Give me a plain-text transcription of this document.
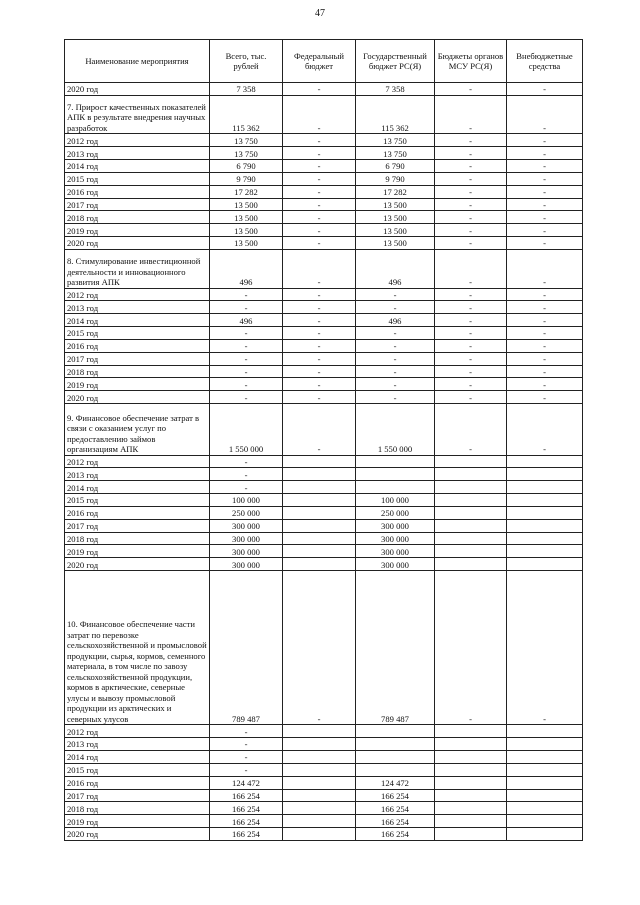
47
Наименование мероприятия	Всего, тыс. рублей	Федеральный бюджет	Государственный бюджет РС(Я)	Бюджеты органов МСУ РС(Я)	Внебюджетные средства
2020 год	7 358	-	7 358	-	-
7. Прирост качественных показателей АПК в результате внедрения научных разработок	115 362	-	115 362	-	-
2012 год	13 750	-	13 750	-	-
2013 год	13 750	-	13 750	-	-
2014 год	6 790	-	6 790	-	-
2015 год	9 790	-	9 790	-	-
2016 год	17 282	-	17 282	-	-
2017 год	13 500	-	13 500	-	-
2018 год	13 500	-	13 500	-	-
2019 год	13 500	-	13 500	-	-
2020 год	13 500	-	13 500	-	-
8. Стимулирование инвестиционной деятельности и инновационного развития АПК	496	-	496	-	-
2012 год	-	-	-	-	-
2013 год	-	-	-	-	-
2014 год	496	-	496	-	-
2015 год	-	-	-	-	-
2016 год	-	-	-	-	-
2017 год	-	-	-	-	-
2018 год	-	-	-	-	-
2019 год	-	-	-	-	-
2020 год	-	-	-	-	-
9. Финансовое обеспечение затрат в связи с оказанием услуг по предоставлению займов организациям АПК	1 550 000	-	1 550 000	-	-
2012 год	-				
2013 год	-				
2014 год	-				
2015 год	100 000		100 000		
2016 год	250 000		250 000		
2017 год	300 000		300 000		
2018 год	300 000		300 000		
2019 год	300 000		300 000		
2020 год	300 000		300 000		
10. Финансовое обеспечение части затрат по перевозке сельскохозяйственной и промысловой продукции, сырья, кормов, семенного материала, в том числе по завозу сельскохозяйственной продукции, кормов в арктические, северные улусы и вывозу промысловой продукции из арктических и северных улусов	789 487	-	789 487	-	-
2012 год	-				
2013 год	-				
2014 год	-				
2015 год	-				
2016 год	124 472		124 472		
2017 год	166 254		166 254		
2018 год	166 254		166 254		
2019 год	166 254		166 254		
2020 год	166 254		166 254		
